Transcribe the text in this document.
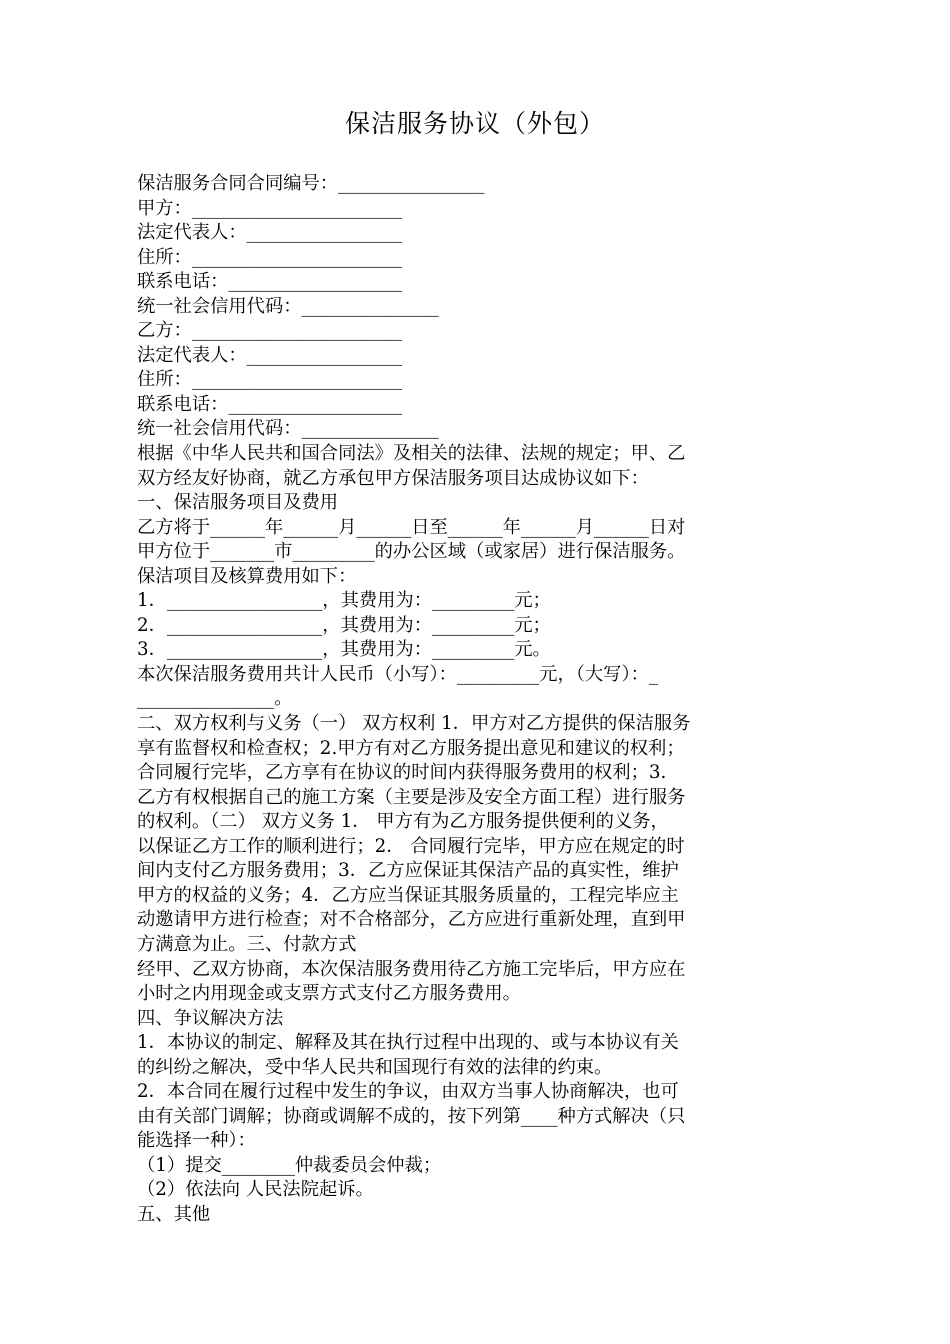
保洁服务协议（外包）
保洁服务合同合同编号：________________
甲方：_______________________
法定代表人：_________________
住所：_______________________
联系电话：___________________
统一社会信用代码：_______________
乙方：_______________________
法定代表人：_________________
住所：_______________________
联系电话：___________________
统一社会信用代码：_______________
根据《中华人民共和国合同法》及相关的法律、法规的规定；甲、乙
双方经友好协商，就乙方承包甲方保洁服务项目达成协议如下：
一、保洁服务项目及费用
乙方将于______年______月______日至______年______月______日对
甲方位于_______市_________的办公区域（或家居）进行保洁服务。
保洁项目及核算费用如下：
1．_________________，其费用为：_________元；
2．_________________，其费用为：_________元；
3．_________________，其费用为：_________元。
本次保洁服务费用共计人民币（小写）：_________元，（大写）：_
_______________。
二、双方权利与义务（一） 双方权利 1．甲方对乙方提供的保洁服务
享有监督权和检查权；2.甲方有对乙方服务提出意见和建议的权利；
合同履行完毕，乙方享有在协议的时间内获得服务费用的权利；3.
乙方有权根据自己的施工方案（主要是涉及安全方面工程）进行服务
的权利。（二） 双方义务 1． 甲方有为乙方服务提供便利的义务，
以保证乙方工作的顺利进行；2． 合同履行完毕，甲方应在规定的时
间内支付乙方服务费用；3．乙方应保证其保洁产品的真实性，维护
甲方的权益的义务；4．乙方应当保证其服务质量的，工程完毕应主
动邀请甲方进行检查；对不合格部分，乙方应进行重新处理，直到甲
方满意为止。三、付款方式
经甲、乙双方协商，本次保洁服务费用待乙方施工完毕后，甲方应在
小时之内用现金或支票方式支付乙方服务费用。
四、争议解决方法
1．本协议的制定、解释及其在执行过程中出现的、或与本协议有关
的纠纷之解决，受中华人民共和国现行有效的法律的约束。
2．本合同在履行过程中发生的争议，由双方当事人协商解决，也可
由有关部门调解；协商或调解不成的，按下列第____种方式解决（只
能选择一种）：
（1）提交________仲裁委员会仲裁；
（2）依法向 人民法院起诉。
五、其他
